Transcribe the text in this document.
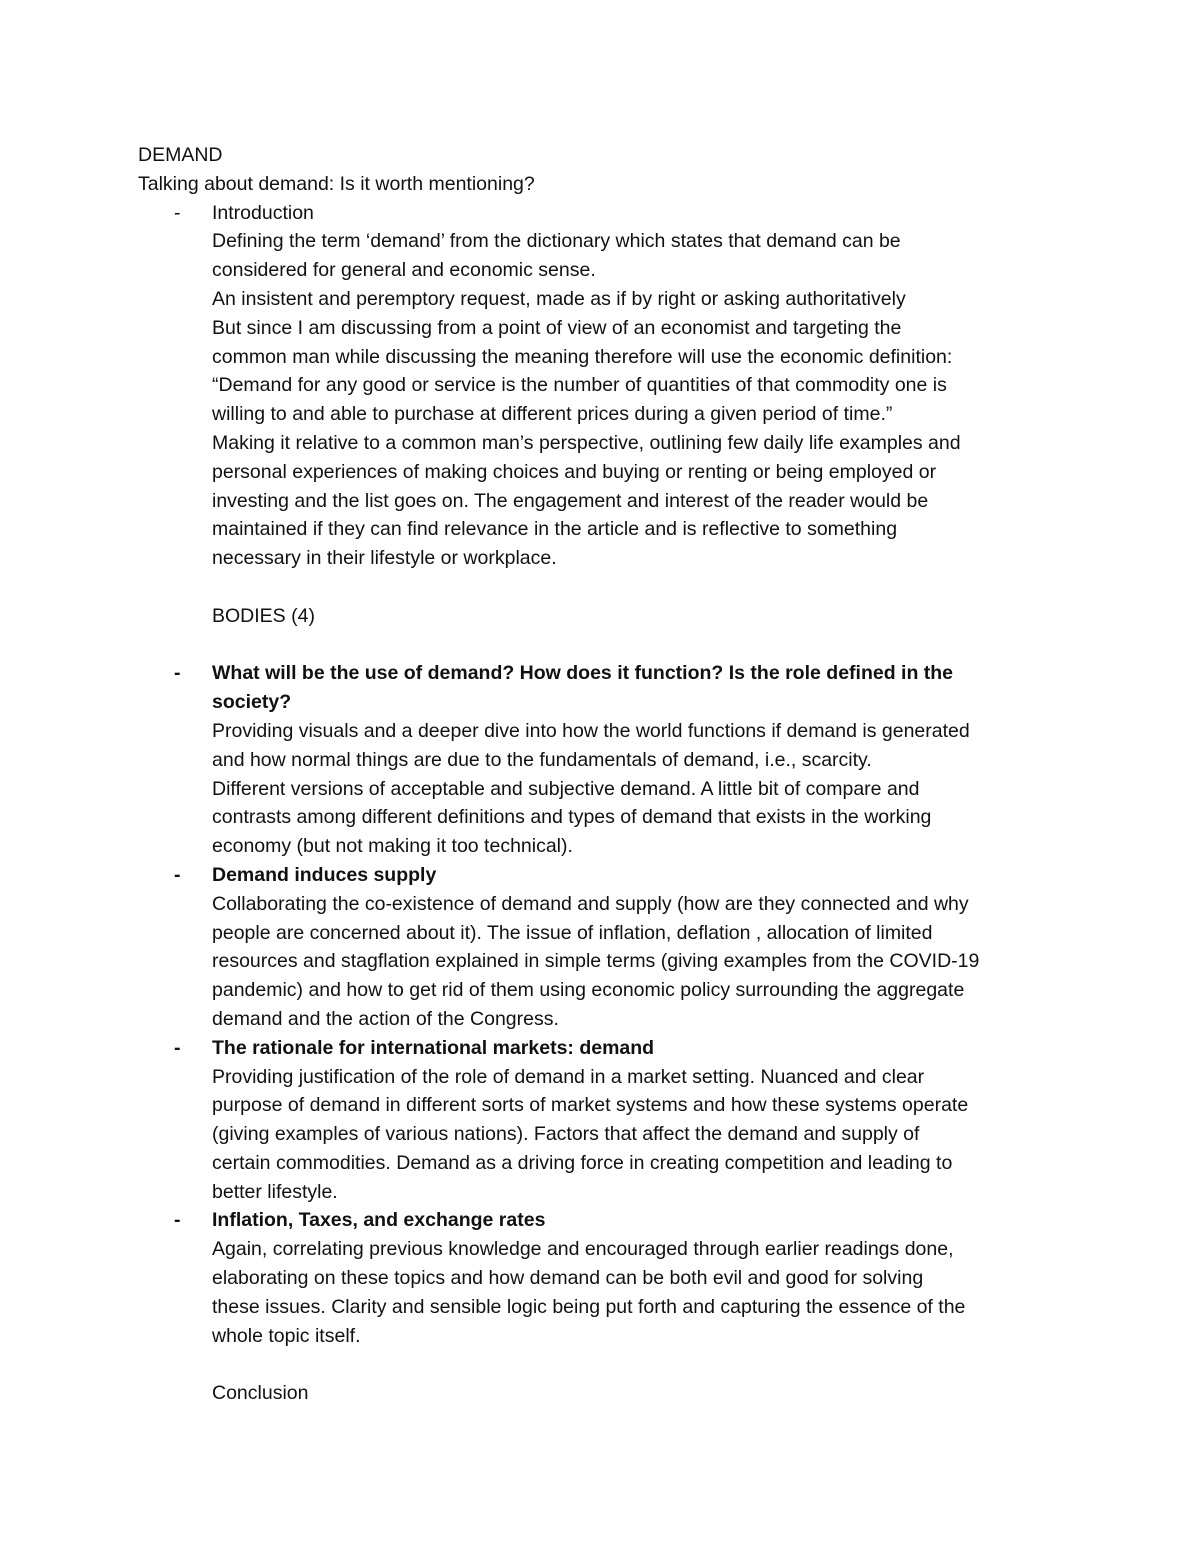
DEMAND
Talking about demand: Is it worth mentioning?
- Introduction
Defining the term ‘demand’ from the dictionary which states that demand can be
considered for general and economic sense.
An insistent and peremptory request, made as if by right or asking authoritatively
But since I am discussing from a point of view of an economist and targeting the
common man while discussing the meaning therefore will use the economic definition:
“Demand for any good or service is the number of quantities of that commodity one is
willing to and able to purchase at different prices during a given period of time.”
Making it relative to a common man’s perspective, outlining few daily life examples and
personal experiences of making choices and buying or renting or being employed or
investing and the list goes on. The engagement and interest of the reader would be
maintained if they can find relevance in the article and is reflective to something
necessary in their lifestyle or workplace.
BODIES (4)
- What will be the use of demand? How does it function? Is the role defined in the
society?
Providing visuals and a deeper dive into how the world functions if demand is generated
and how normal things are due to the fundamentals of demand, i.e., scarcity.
Different versions of acceptable and subjective demand. A little bit of compare and
contrasts among different definitions and types of demand that exists in the working
economy (but not making it too technical).
- Demand induces supply
Collaborating the co-existence of demand and supply (how are they connected and why
people are concerned about it). The issue of inflation, deflation , allocation of limited
resources and stagflation explained in simple terms (giving examples from the COVID-19
pandemic) and how to get rid of them using economic policy surrounding the aggregate
demand and the action of the Congress.
- The rationale for international markets: demand
Providing justification of the role of demand in a market setting. Nuanced and clear
purpose of demand in different sorts of market systems and how these systems operate
(giving examples of various nations). Factors that affect the demand and supply of
certain commodities. Demand as a driving force in creating competition and leading to
better lifestyle.
- Inflation, Taxes, and exchange rates
Again, correlating previous knowledge and encouraged through earlier readings done,
elaborating on these topics and how demand can be both evil and good for solving
these issues. Clarity and sensible logic being put forth and capturing the essence of the
whole topic itself.
Conclusion
